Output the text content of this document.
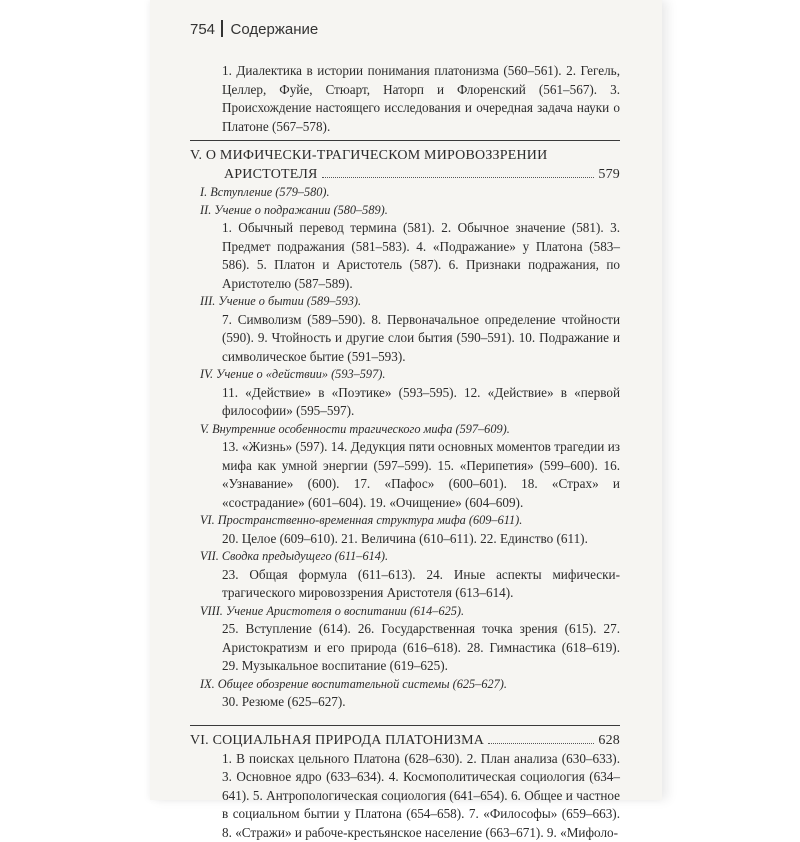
754 Содержание
1. Диалектика в истории понимания платонизма (560–561). 2. Гегель, Целлер, Фуйе, Стюарт, Наторп и Флоренский (561–567). 3. Происхождение настоящего исследования и очередная задача науки о Платоне (567–578).
V. О МИФИЧЕСКИ-ТРАГИЧЕСКОМ МИРОВОЗЗРЕНИИ
АРИСТОТЕЛЯ	579
I. Вступление (579–580).
II. Учение о подражании (580–589).
1. Обычный перевод термина (581). 2. Обычное значение (581). 3. Предмет подражания (581–583). 4. «Подражание» у Платона (583–586). 5. Платон и Аристотель (587). 6. Признаки подражания, по Аристотелю (587–589).
III. Учение о бытии (589–593).
7. Символизм (589–590). 8. Первоначальное определение чтойности (590). 9. Чтойность и другие слои бытия (590–591). 10. Подражание и символическое бытие (591–593).
IV. Учение о «действии» (593–597).
11. «Действие» в «Поэтике» (593–595). 12. «Действие» в «первой философии» (595–597).
V. Внутренние особенности трагического мифа (597–609).
13. «Жизнь» (597). 14. Дедукция пяти основных моментов трагедии из мифа как умной энергии (597–599). 15. «Перипетия» (599–600). 16. «Узнавание» (600). 17. «Пафос» (600–601). 18. «Страх» и «сострадание» (601–604). 19. «Очищение» (604–609).
VI. Пространственно-временная структура мифа (609–611).
20. Целое (609–610). 21. Величина (610–611). 22. Единство (611).
VII. Сводка предыдущего (611–614).
23. Общая формула (611–613). 24. Иные аспекты мифически-трагического мировоззрения Аристотеля (613–614).
VIII. Учение Аристотеля о воспитании (614–625).
25. Вступление (614). 26. Государственная точка зрения (615). 27. Аристократизм и его природа (616–618). 28. Гимнастика (618–619). 29. Музыкальное воспитание (619–625).
IX. Общее обозрение воспитательной системы (625–627).
30. Резюме (625–627).
VI. СОЦИАЛЬНАЯ ПРИРОДА ПЛАТОНИЗМА	628
1. В поисках цельного Платона (628–630). 2. План анализа (630–633). 3. Основное ядро (633–634). 4. Космополитическая социология (634–641). 5. Антропологическая социология (641–654). 6. Общее и частное в социальном бытии у Платона (654–658). 7. «Философы» (659–663). 8. «Стражи» и рабоче-крестьянское население (663–671). 9. «Мифоло-
